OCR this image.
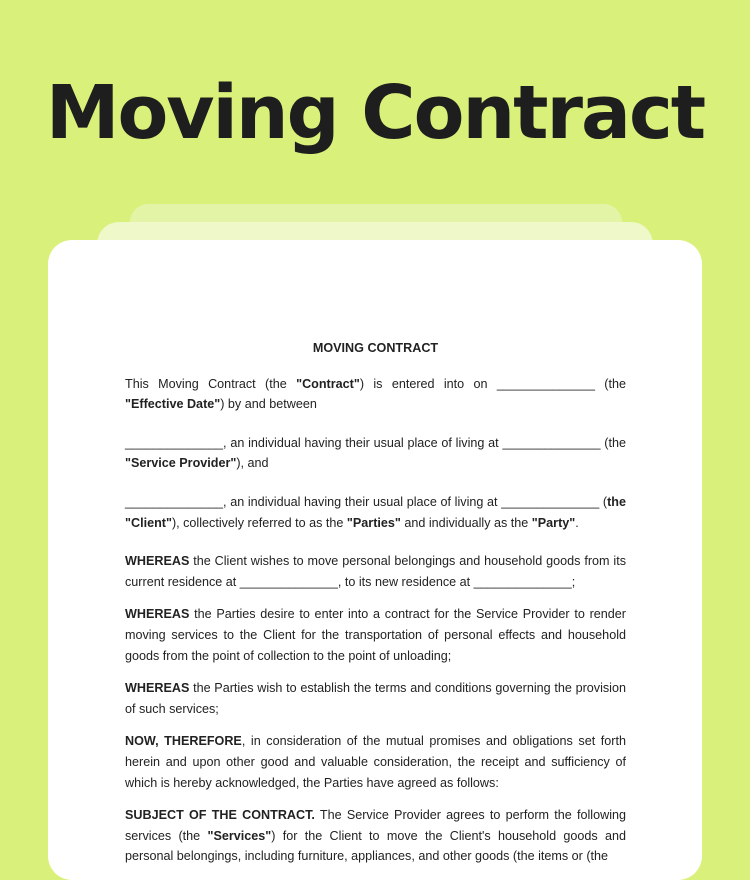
Moving Contract
MOVING CONTRACT

This Moving Contract (the "Contract") is entered into on ______________ (the "Effective Date") by and between

______________, an individual having their usual place of living at ______________ (the "Service Provider"), and

______________, an individual having their usual place of living at ______________ (the "Client"), collectively referred to as the "Parties" and individually as the "Party".

WHEREAS the Client wishes to move personal belongings and household goods from its current residence at ______________, to its new residence at ______________;

WHEREAS the Parties desire to enter into a contract for the Service Provider to render moving services to the Client for the transportation of personal effects and household goods from the point of collection to the point of unloading;

WHEREAS the Parties wish to establish the terms and conditions governing the provision of such services;

NOW, THEREFORE, in consideration of the mutual promises and obligations set forth herein and upon other good and valuable consideration, the receipt and sufficiency of which is hereby acknowledged, the Parties have agreed as follows:

SUBJECT OF THE CONTRACT. The Service Provider agrees to perform the following services (the "Services") for the Client to move the Client's household goods and personal belongings, including furniture, appliances, and other goods (the items or (the
